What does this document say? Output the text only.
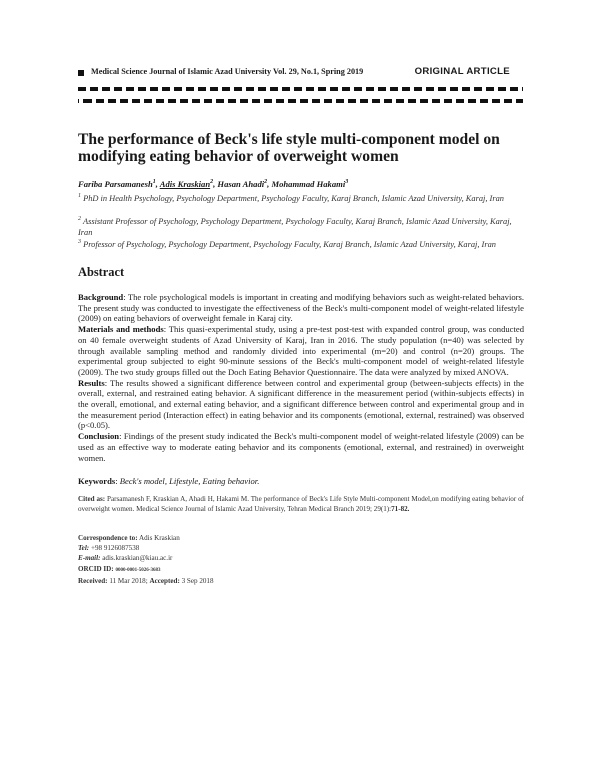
Medical Science Journal of Islamic Azad University Vol. 29, No.1, Spring 2019	ORIGINAL ARTICLE
The performance of Beck's life style multi-component model on
modifying eating behavior of overweight women
Fariba Parsamanesh$^1$, Adis Kraskian$^2$, Hasan Ahadi$^2$, Mohammad Hakami$^3$
$^1$ PhD in Health Psychology, Psychology Department, Psychology Faculty, Karaj Branch, Islamic Azad University, Karaj, Iran
$^2$ Assistant Professor of Psychology, Psychology Department, Psychology Faculty, Karaj Branch, Islamic Azad University, Karaj, Iran
$^3$ Professor of Psychology, Psychology Department, Psychology Faculty, Karaj Branch, Islamic Azad University, Karaj, Iran
Abstract

Background: The role psychological models is important in creating and modifying behaviors such as weight-related behaviors. The present study was conducted to investigate the effectiveness of the Beck's multi-component model of weight-related lifestyle (2009) on eating behaviors of overweight female in Karaj city.

Materials and methods: This quasi-experimental study, using a pre-test post-test with expanded control group, was conducted on 40 female overweight students of Azad University of Karaj, Iran in 2016. The study population (n=40) was selected by through available sampling method and randomly divided into experimental (m=20) and control (n=20) groups. The experimental group subjected to eight 90-minute sessions of the Beck's multi-component model of weight-related lifestyle (2009). The two study groups filled out the Doch Eating Behavior Questionnaire. The data were analyzed by mixed ANOVA.

Results: The results showed a significant difference between control and experimental group (between-subjects effects) in the overall, external, and restrained eating behavior. A significant difference in the measurement period (within-subjects effects) in the overall, emotional, and external eating behavior, and a significant difference between control and experimental group and in the measurement period (Interaction effect) in eating behavior and its components (emotional, external, restrained) was observed (p<0.05).

Conclusion: Findings of the present study indicated the Beck's multi-component model of weight-related lifestyle (2009) can be used as an effective way to moderate eating behavior and its components (emotional, external, and restrained) in overweight women.

Keywords: Beck's model, Lifestyle, Eating behavior.
Cited as: Parsamanesh F, Kraskian A, Ahadi H, Hakami M. The performance of Beck's Life Style Multi-component Model,on modifying eating behavior of overweight women. Medical Science Journal of Islamic Azad University, Tehran Medical Branch 2019; 29(1):71-82.
Correspondence to: Adis Kraskian
Tel: +98 9126087538
E-mail: adis.kraskian@kiau.ac.ir
ORCID ID: 0000-0001-5026-3683
Received: 11 Mar 2018; Accepted: 3 Sep 2018
